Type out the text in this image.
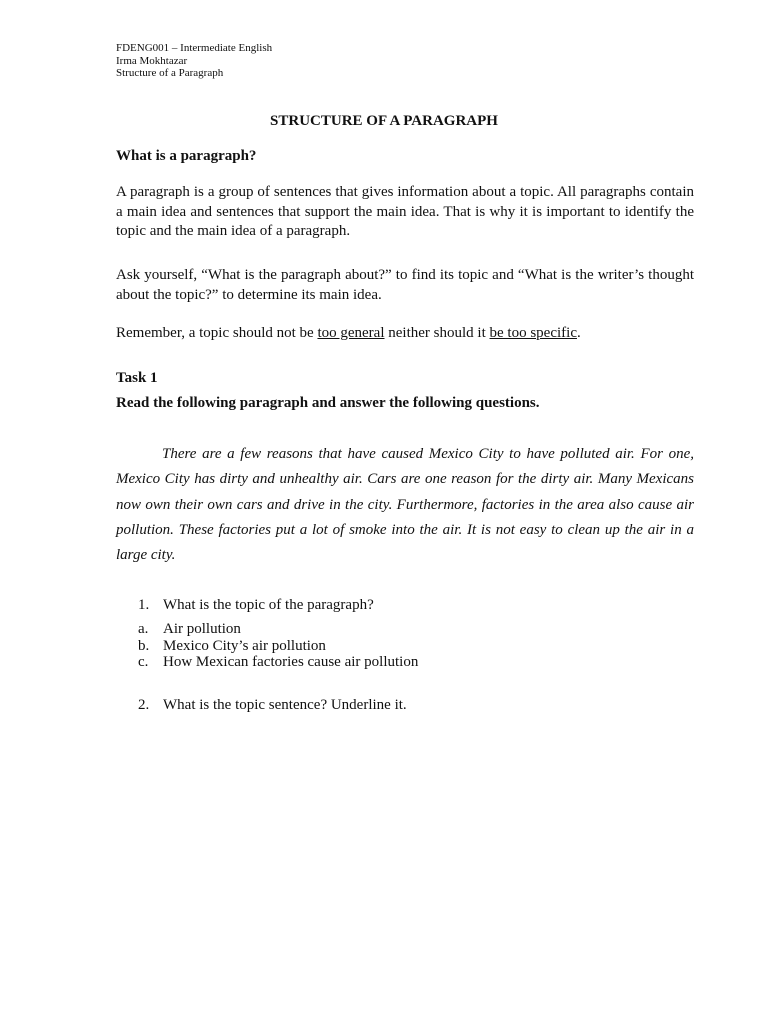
FDENG001 – Intermediate English
Irma Mokhtazar
Structure of a Paragraph
STRUCTURE OF A PARAGRAPH
What is a paragraph?
A paragraph is a group of sentences that gives information about a topic. All paragraphs contain a main idea and sentences that support the main idea. That is why it is important to identify the topic and the main idea of a paragraph.
Ask yourself, “What is the paragraph about?” to find its topic and “What is the writer’s thought about the topic?” to determine its main idea.
Remember, a topic should not be too general neither should it be too specific.
Task 1
Read the following paragraph and answer the following questions.
There are a few reasons that have caused Mexico City to have polluted air. For one, Mexico City has dirty and unhealthy air. Cars are one reason for the dirty air. Many Mexicans now own their own cars and drive in the city. Furthermore, factories in the area also cause air pollution. These factories put a lot of smoke into the air. It is not easy to clean up the air in a large city.
1. What is the topic of the paragraph?
a. Air pollution
b. Mexico City’s air pollution
c. How Mexican factories cause air pollution
2. What is the topic sentence? Underline it.
